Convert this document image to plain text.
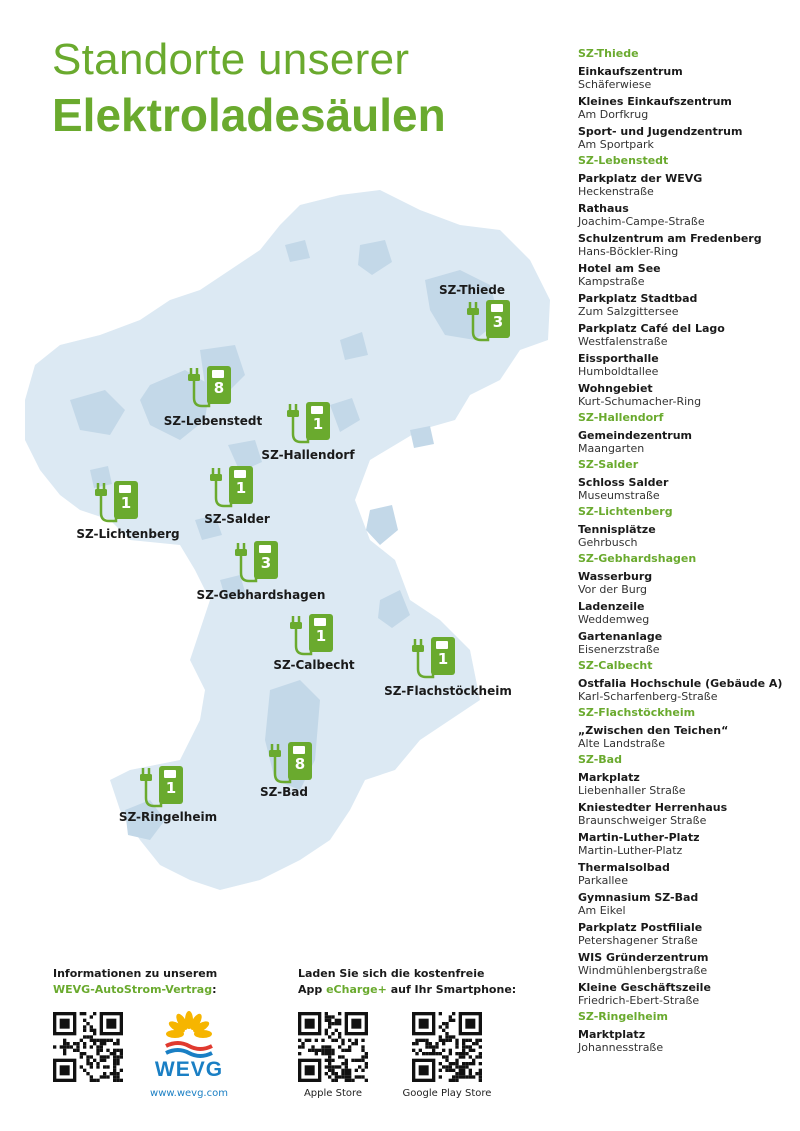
Standorte unserer
Elektroladesäulen
3
SZ-Thiede
8
SZ-Lebenstedt	1
SZ-Hallendorf
1
SZ-Lichtenberg
1
SZ-Salder
3
SZ-Gebhardshagen
1
SZ-Calbecht	1
SZ-Flachstöckheim
8
SZ-Bad
1
SZ-Ringelheim
SZ-Thiede
Einkaufszentrum
Schäferwiese
Kleines Einkaufszentrum
Am Dorfkrug
Sport- und Jugendzentrum
Am Sportpark
SZ-Lebenstedt
Parkplatz der WEVG
Heckenstraße
Rathaus
Joachim-Campe-Straße
Schulzentrum am Fredenberg
Hans-Böckler-Ring
Hotel am See
Kampstraße
Parkplatz Stadtbad
Zum Salzgittersee
Parkplatz Café del Lago
Westfalenstraße
Eissporthalle
Humboldtallee
Wohngebiet
Kurt-Schumacher-Ring
SZ-Hallendorf
Gemeindezentrum
Maangarten
SZ-Salder
Schloss Salder
Museumstraße
SZ-Lichtenberg
Tennisplätze
Gehrbusch
SZ-Gebhardshagen
Wasserburg
Vor der Burg
Ladenzeile
Weddemweg
Gartenanlage
Eisenerzstraße
SZ-Calbecht
Ostfalia Hochschule (Gebäude A)
Karl-Scharfenberg-Straße
SZ-Flachstöckheim
„Zwischen den Teichen“
Alte Landstraße
SZ-Bad
Markplatz
Liebenhaller Straße
Kniestedter Herrenhaus
Braunschweiger Straße
Martin-Luther-Platz
Martin-Luther-Platz
Thermalsolbad
Parkallee
Gymnasium SZ-Bad
Am Eikel
Parkplatz Postfiliale
Petershagener Straße
WIS Gründerzentrum
Windmühlenbergstraße
Kleine Geschäftszeile
Friedrich-Ebert-Straße
SZ-Ringelheim
Marktplatz
Johannesstraße
Informationen zu unserem
WEVG-AutoStrom-Vertrag:
Laden Sie sich die kostenfreie
App eCharge+ auf Ihr Smartphone:
Apple Store	Google Play Store
WEVG
www.wevg.com
